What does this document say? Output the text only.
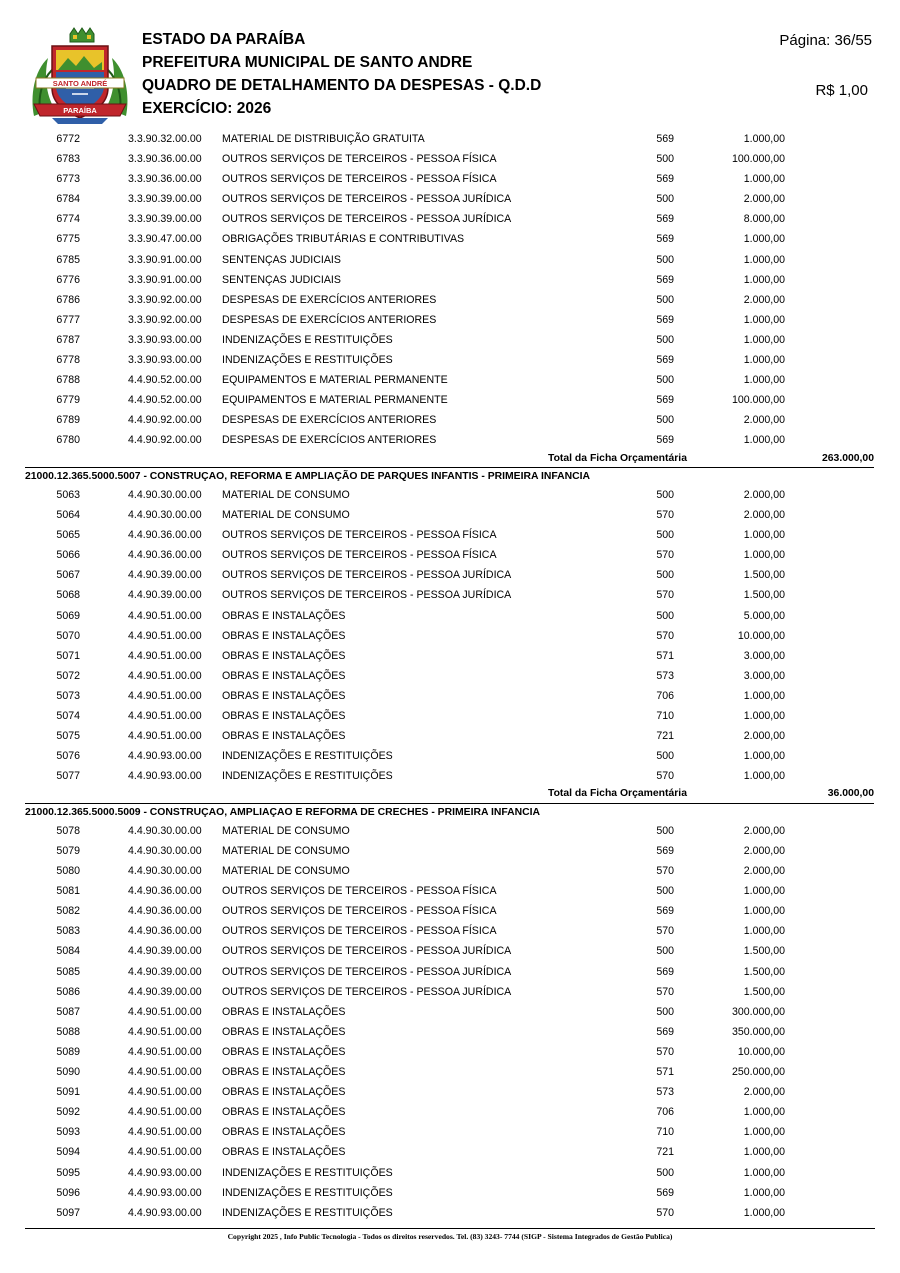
SANTO ANDRÉ
PARAÍBA
ESTADO DA PARAÍBA
PREFEITURA MUNICIPAL DE SANTO ANDRE
QUADRO DE DETALHAMENTO DA DESPESAS - Q.D.D
EXERCÍCIO: 2026
Página: 36/55
R$ 1,00
6772	3.3.90.32.00.00 MATERIAL DE DISTRIBUIÇÃO GRATUITA	569	1.000,00
6783	3.3.90.36.00.00 OUTROS SERVIÇOS DE TERCEIROS - PESSOA FÍSICA	500	100.000,00
6773	3.3.90.36.00.00 OUTROS SERVIÇOS DE TERCEIROS - PESSOA FÍSICA	569	1.000,00
6784	3.3.90.39.00.00 OUTROS SERVIÇOS DE TERCEIROS - PESSOA JURÍDICA	500	2.000,00
6774	3.3.90.39.00.00 OUTROS SERVIÇOS DE TERCEIROS - PESSOA JURÍDICA	569	8.000,00
6775	3.3.90.47.00.00 OBRIGAÇÕES TRIBUTÁRIAS E CONTRIBUTIVAS	569	1.000,00
6785	3.3.90.91.00.00 SENTENÇAS JUDICIAIS	500	1.000,00
6776	3.3.90.91.00.00 SENTENÇAS JUDICIAIS	569	1.000,00
6786	3.3.90.92.00.00 DESPESAS DE EXERCÍCIOS ANTERIORES	500	2.000,00
6777	3.3.90.92.00.00 DESPESAS DE EXERCÍCIOS ANTERIORES	569	1.000,00
6787	3.3.90.93.00.00 INDENIZAÇÕES E RESTITUIÇÕES	500	1.000,00
6778	3.3.90.93.00.00 INDENIZAÇÕES E RESTITUIÇÕES	569	1.000,00
6788	4.4.90.52.00.00 EQUIPAMENTOS E MATERIAL PERMANENTE	500	1.000,00
6779	4.4.90.52.00.00 EQUIPAMENTOS E MATERIAL PERMANENTE	569	100.000,00
6789	4.4.90.92.00.00 DESPESAS DE EXERCÍCIOS ANTERIORES	500	2.000,00
6780	4.4.90.92.00.00 DESPESAS DE EXERCÍCIOS ANTERIORES	569	1.000,00
Total da Ficha Orçamentária	263.000,00
21000.12.365.5000.5007 - CONSTRUÇAO, REFORMA E AMPLIAÇÃO DE PARQUES INFANTIS - PRIMEIRA INFANCIA
5063	4.4.90.30.00.00 MATERIAL DE CONSUMO	500	2.000,00
5064	4.4.90.30.00.00 MATERIAL DE CONSUMO	570	2.000,00
5065	4.4.90.36.00.00 OUTROS SERVIÇOS DE TERCEIROS - PESSOA FÍSICA	500	1.000,00
5066	4.4.90.36.00.00 OUTROS SERVIÇOS DE TERCEIROS - PESSOA FÍSICA	570	1.000,00
5067	4.4.90.39.00.00 OUTROS SERVIÇOS DE TERCEIROS - PESSOA JURÍDICA	500	1.500,00
5068	4.4.90.39.00.00 OUTROS SERVIÇOS DE TERCEIROS - PESSOA JURÍDICA	570	1.500,00
5069	4.4.90.51.00.00 OBRAS E INSTALAÇÕES	500	5.000,00
5070	4.4.90.51.00.00 OBRAS E INSTALAÇÕES	570	10.000,00
5071	4.4.90.51.00.00 OBRAS E INSTALAÇÕES	571	3.000,00
5072	4.4.90.51.00.00 OBRAS E INSTALAÇÕES	573	3.000,00
5073	4.4.90.51.00.00 OBRAS E INSTALAÇÕES	706	1.000,00
5074	4.4.90.51.00.00 OBRAS E INSTALAÇÕES	710	1.000,00
5075	4.4.90.51.00.00 OBRAS E INSTALAÇÕES	721	2.000,00
5076	4.4.90.93.00.00 INDENIZAÇÕES E RESTITUIÇÕES	500	1.000,00
5077	4.4.90.93.00.00 INDENIZAÇÕES E RESTITUIÇÕES	570	1.000,00
Total da Ficha Orçamentária	36.000,00
21000.12.365.5000.5009 - CONSTRUÇAO, AMPLIAÇAO E REFORMA DE CRECHES - PRIMEIRA INFANCIA
5078	4.4.90.30.00.00 MATERIAL DE CONSUMO	500	2.000,00
5079	4.4.90.30.00.00 MATERIAL DE CONSUMO	569	2.000,00
5080	4.4.90.30.00.00 MATERIAL DE CONSUMO	570	2.000,00
5081	4.4.90.36.00.00 OUTROS SERVIÇOS DE TERCEIROS - PESSOA FÍSICA	500	1.000,00
5082	4.4.90.36.00.00 OUTROS SERVIÇOS DE TERCEIROS - PESSOA FÍSICA	569	1.000,00
5083	4.4.90.36.00.00 OUTROS SERVIÇOS DE TERCEIROS - PESSOA FÍSICA	570	1.000,00
5084	4.4.90.39.00.00 OUTROS SERVIÇOS DE TERCEIROS - PESSOA JURÍDICA	500	1.500,00
5085	4.4.90.39.00.00 OUTROS SERVIÇOS DE TERCEIROS - PESSOA JURÍDICA	569	1.500,00
5086	4.4.90.39.00.00 OUTROS SERVIÇOS DE TERCEIROS - PESSOA JURÍDICA	570	1.500,00
5087	4.4.90.51.00.00 OBRAS E INSTALAÇÕES	500	300.000,00
5088	4.4.90.51.00.00 OBRAS E INSTALAÇÕES	569	350.000,00
5089	4.4.90.51.00.00 OBRAS E INSTALAÇÕES	570	10.000,00
5090	4.4.90.51.00.00 OBRAS E INSTALAÇÕES	571	250.000,00
5091	4.4.90.51.00.00 OBRAS E INSTALAÇÕES	573	2.000,00
5092	4.4.90.51.00.00 OBRAS E INSTALAÇÕES	706	1.000,00
5093	4.4.90.51.00.00 OBRAS E INSTALAÇÕES	710	1.000,00
5094	4.4.90.51.00.00 OBRAS E INSTALAÇÕES	721	1.000,00
5095	4.4.90.93.00.00 INDENIZAÇÕES E RESTITUIÇÕES	500	1.000,00
5096	4.4.90.93.00.00 INDENIZAÇÕES E RESTITUIÇÕES	569	1.000,00
5097	4.4.90.93.00.00 INDENIZAÇÕES E RESTITUIÇÕES	570	1.000,00
Copyright 2025 , Info Public Tecnologia - Todos os direitos reservedos. Tel. (83) 3243- 7744 (SIGP - Sistema Integrados de Gestão Publica)
